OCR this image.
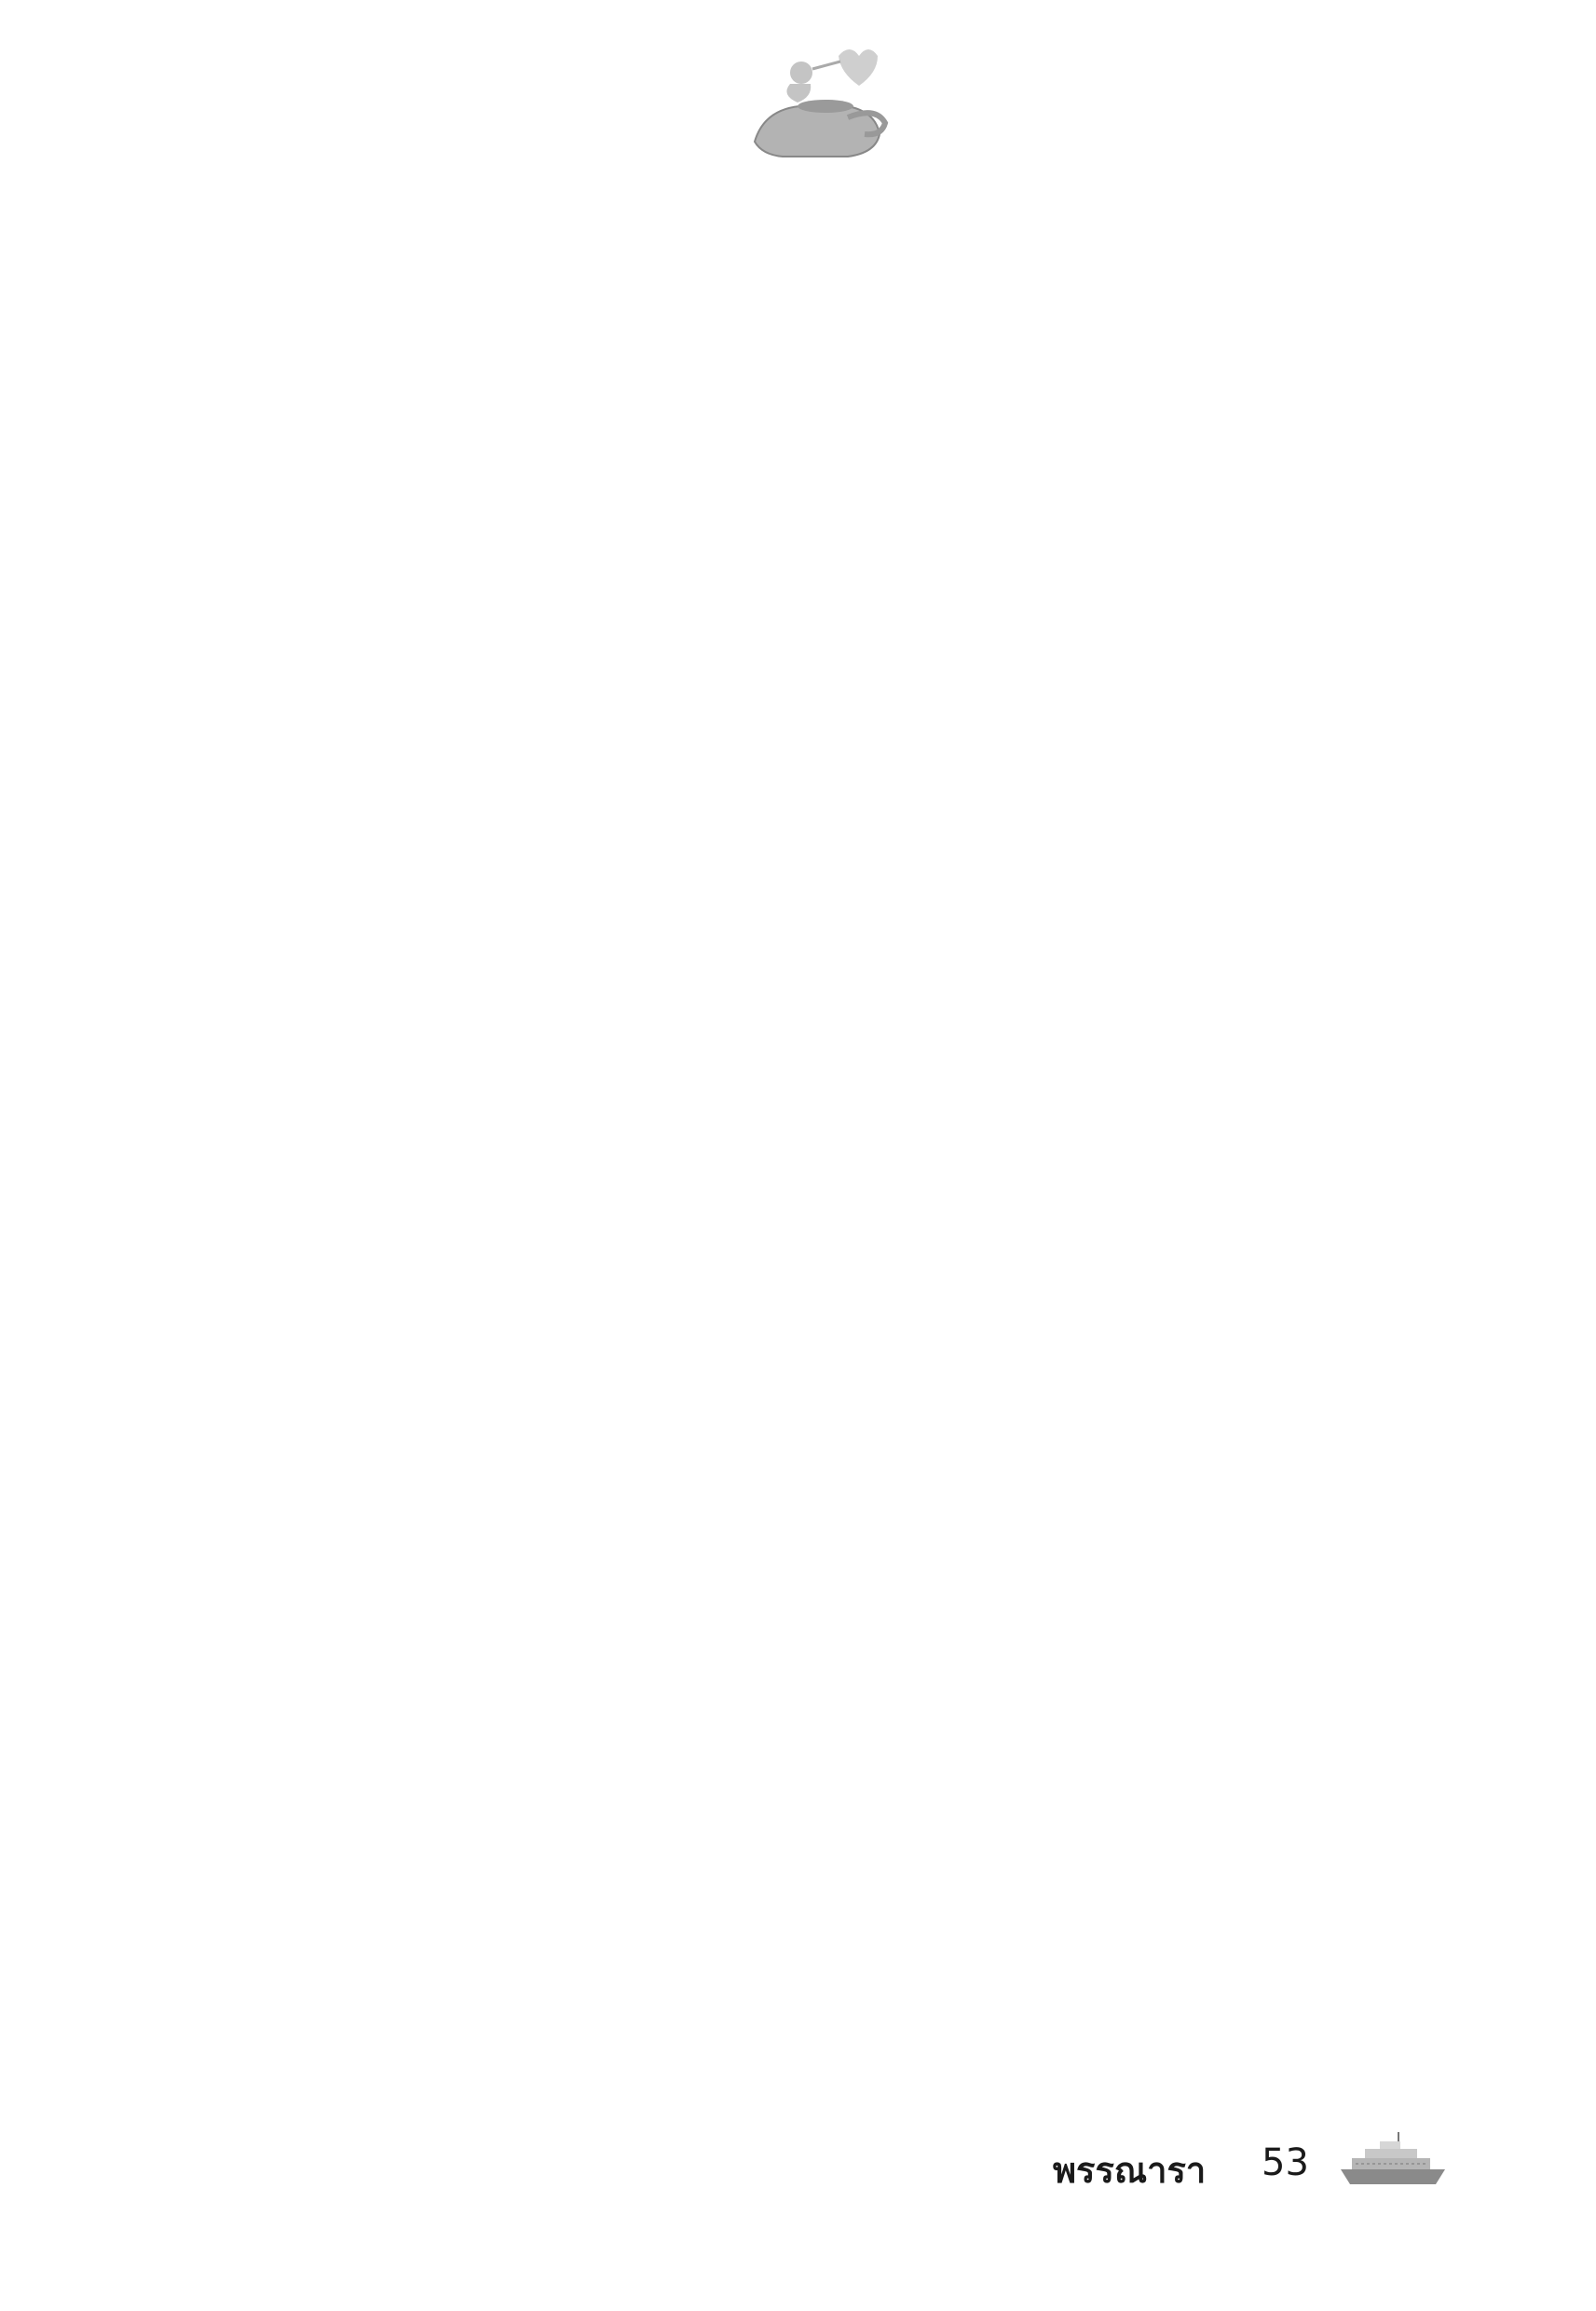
พรรณารา 53
